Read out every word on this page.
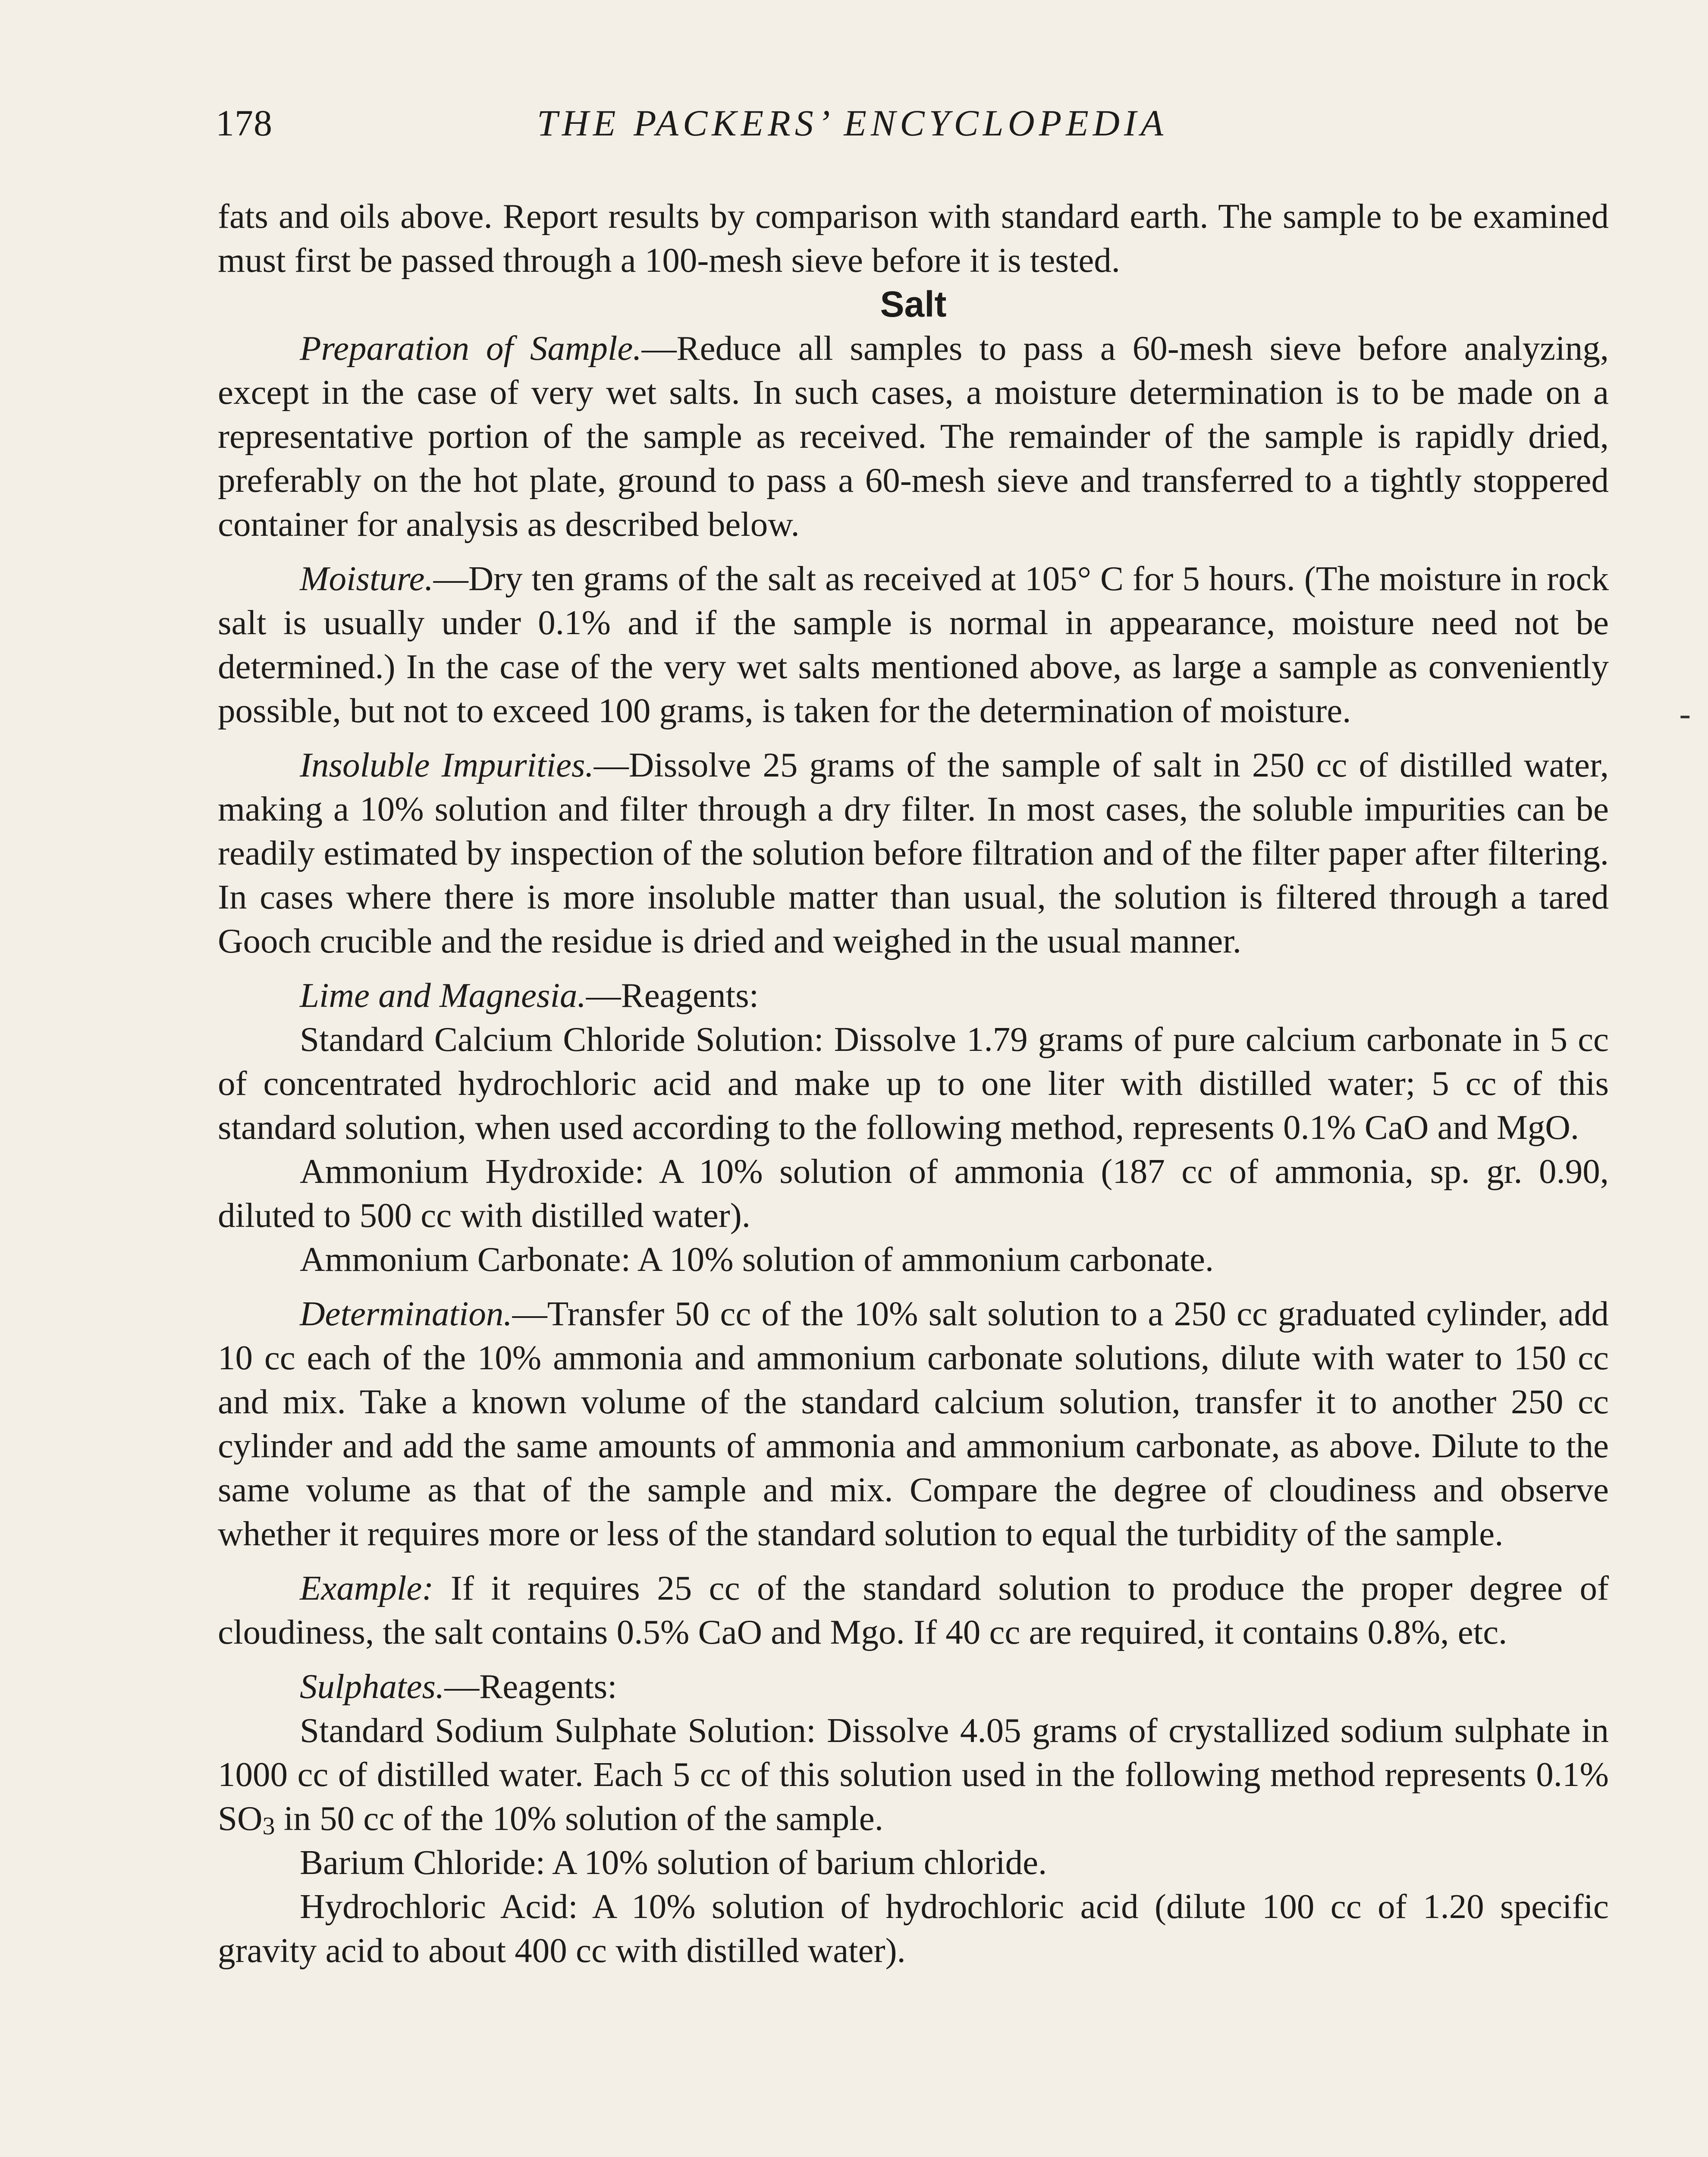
178	THE PACKERS’ ENCYCLOPEDIA
-

fats and oils above. Report results by comparison with standard earth. The sample to be examined must first be passed through a 100-mesh sieve before it is tested.

Salt

Preparation of Sample.—Reduce all samples to pass a 60-mesh sieve before analyzing, except in the case of very wet salts. In such cases, a moisture determination is to be made on a representative portion of the sample as received. The remainder of the sample is rapidly dried, preferably on the hot plate, ground to pass a 60-mesh sieve and transferred to a tightly stoppered container for analysis as described below.

Moisture.—Dry ten grams of the salt as received at 105° C for 5 hours. (The moisture in rock salt is usually under 0.1% and if the sample is normal in appearance, moisture need not be determined.) In the case of the very wet salts mentioned above, as large a sample as conveniently possible, but not to exceed 100 grams, is taken for the determination of moisture.

Insoluble Impurities.—Dissolve 25 grams of the sample of salt in 250 cc of distilled water, making a 10% solution and filter through a dry filter. In most cases, the soluble impurities can be readily estimated by inspection of the solution before filtration and of the filter paper after filtering. In cases where there is more insoluble matter than usual, the solution is filtered through a tared Gooch crucible and the residue is dried and weighed in the usual manner.

Lime and Magnesia.—Reagents:

Standard Calcium Chloride Solution: Dissolve 1.79 grams of pure calcium carbonate in 5 cc of concentrated hydrochloric acid and make up to one liter with distilled water; 5 cc of this standard solution, when used according to the following method, represents 0.1% CaO and MgO.

Ammonium Hydroxide: A 10% solution of ammonia (187 cc of ammonia, sp. gr. 0.90, diluted to 500 cc with distilled water).

Ammonium Carbonate: A 10% solution of ammonium carbonate.

Determination.—Transfer 50 cc of the 10% salt solution to a 250 cc graduated cylinder, add 10 cc each of the 10% ammonia and ammonium carbonate solutions, dilute with water to 150 cc and mix. Take a known volume of the standard calcium solution, transfer it to another 250 cc cylinder and add the same amounts of ammonia and ammonium carbonate, as above. Dilute to the same volume as that of the sample and mix. Compare the degree of cloudiness and observe whether it requires more or less of the standard solution to equal the turbidity of the sample.

Example: If it requires 25 cc of the standard solution to produce the proper degree of cloudiness, the salt contains 0.5% CaO and Mgo. If 40 cc are required, it contains 0.8%, etc.

Sulphates.—Reagents:

Standard Sodium Sulphate Solution: Dissolve 4.05 grams of crystallized sodium sulphate in 1000 cc of distilled water. Each 5 cc of this solution used in the following method represents 0.1% $SO_3$ in 50 cc of the 10% solution of the sample.

Barium Chloride: A 10% solution of barium chloride.

Hydrochloric Acid: A 10% solution of hydrochloric acid (dilute 100 cc of 1.20 specific gravity acid to about 400 cc with distilled water).
